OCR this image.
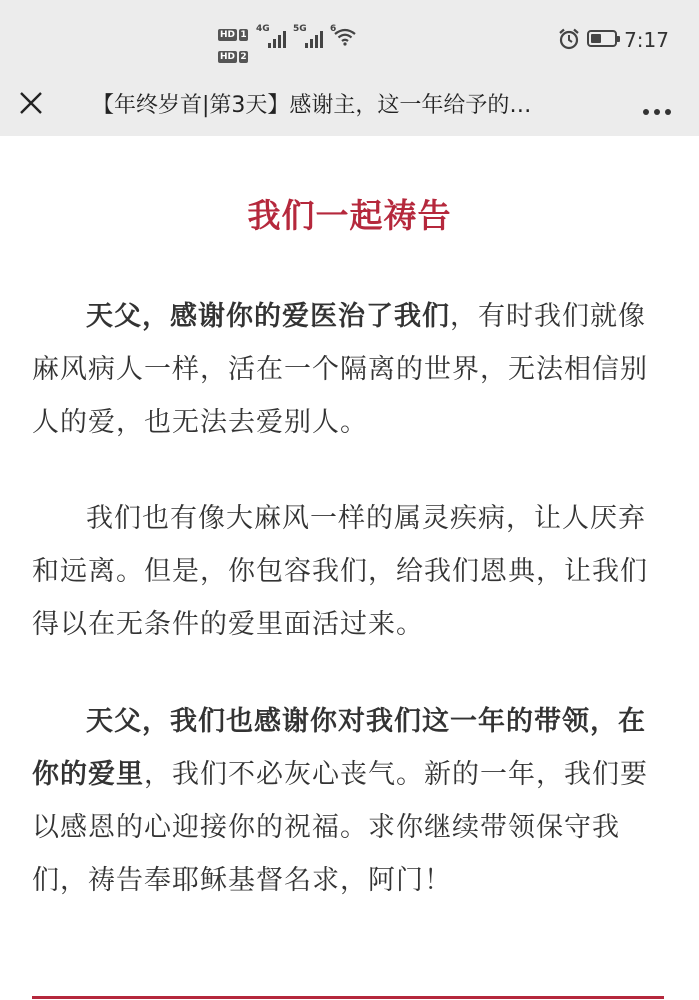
HD 1
HD 2
4G	5G	6	7:17
【年终岁首|第3天】感谢主，这一年给予的…
我们一起祷告

天父，感谢你的爱医治了我们，有时我们就像麻风病人一样，活在一个隔离的世界，无法相信别人的爱，也无法去爱别人。

我们也有像大麻风一样的属灵疾病，让人厌弃和远离。但是，你包容我们，给我们恩典，让我们得以在无条件的爱里面活过来。

天父，我们也感谢你对我们这一年的带领，在你的爱里，我们不必灰心丧气。新的一年，我们要以感恩的心迎接你的祝福。求你继续带领保守我们，祷告奉耶稣基督名求，阿门！
